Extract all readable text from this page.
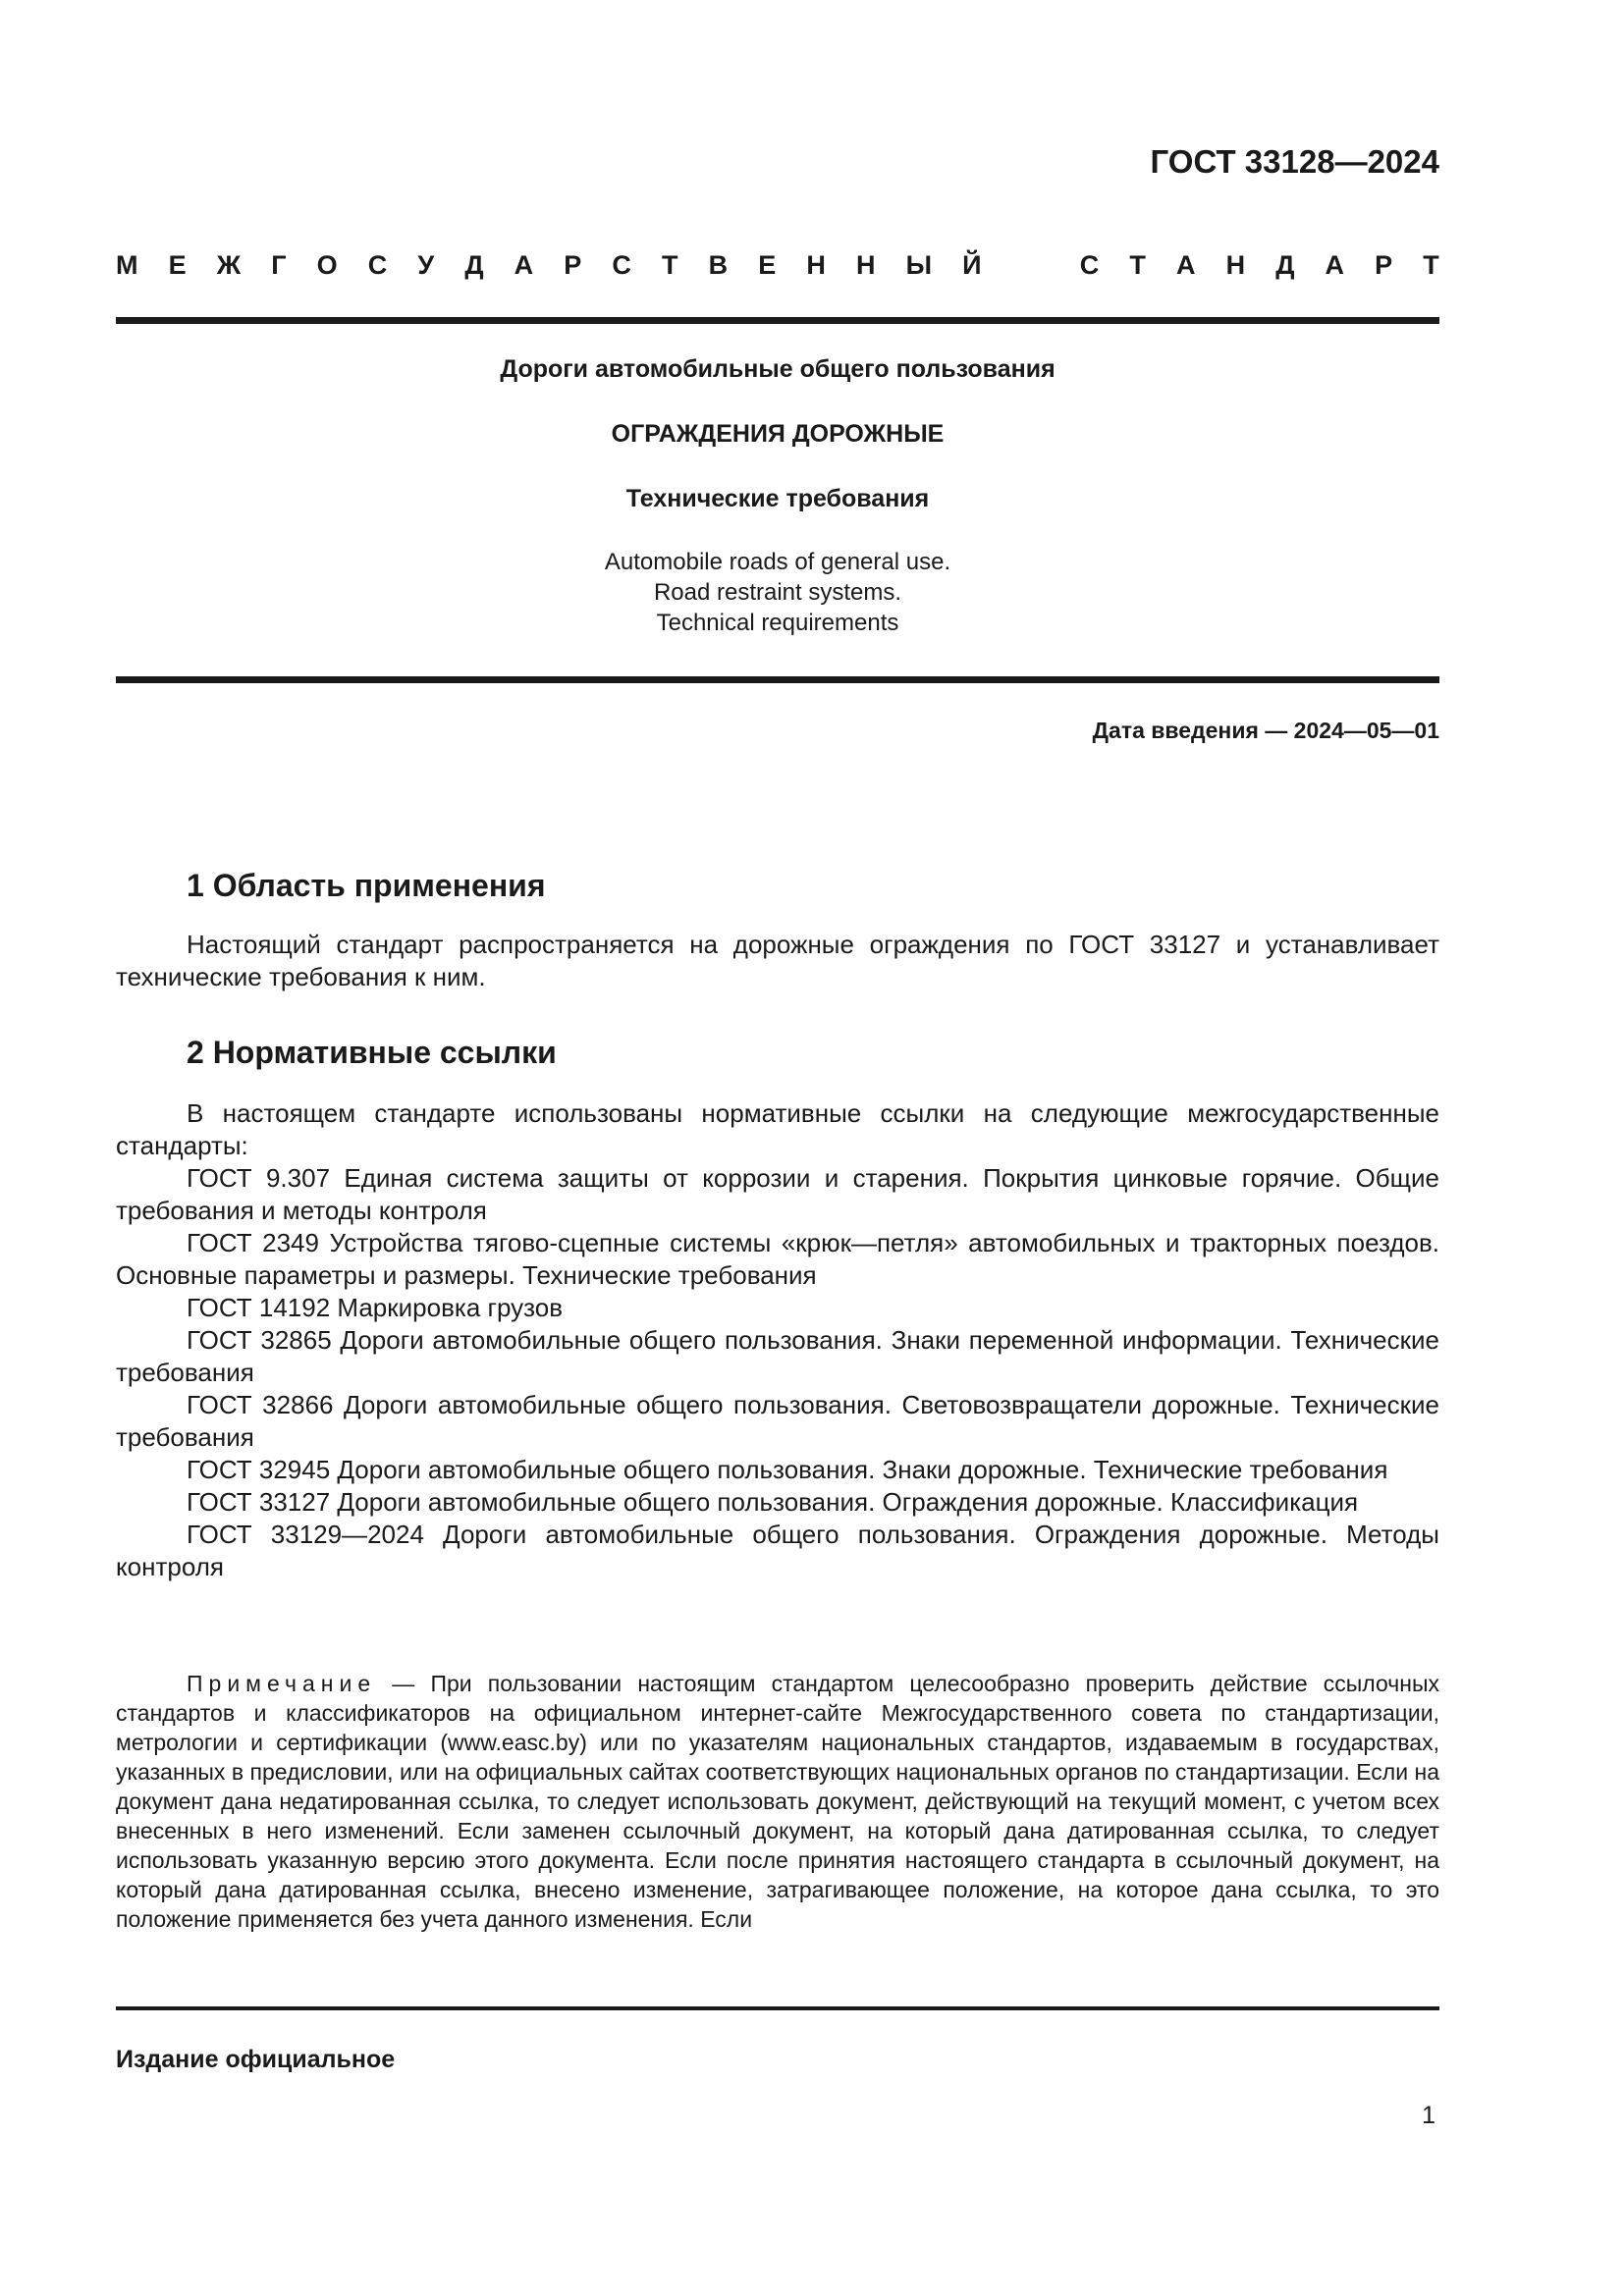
ГОСТ 33128—2024
М Е Ж Г О С У Д А Р С Т В Е Н Н Ы Й	С Т А Н Д А Р Т

Дороги автомобильные общего пользования

ОГРАЖДЕНИЯ ДОРОЖНЫЕ

Технические требования

Automobile roads of general use.
Road restraint systems.
Technical requirements
Дата введения — 2024—05—01
1 Область применения

Настоящий стандарт распространяется на дорожные ограждения по ГОСТ 33127 и устанавливает технические требования к ним.

2 Нормативные ссылки
В настоящем стандарте использованы нормативные ссылки на следующие межгосударственные стандарты:
ГОСТ 9.307 Единая система защиты от коррозии и старения. Покрытия цинковые горячие. Общие требования и методы контроля
ГОСТ 2349 Устройства тягово-сцепные системы «крюк—петля» автомобильных и тракторных поездов. Основные параметры и размеры. Технические требования
ГОСТ 14192 Маркировка грузов
ГОСТ 32865 Дороги автомобильные общего пользования. Знаки переменной информации. Технические требования
ГОСТ 32866 Дороги автомобильные общего пользования. Световозвращатели дорожные. Технические требования
ГОСТ 32945 Дороги автомобильные общего пользования. Знаки дорожные. Технические требования
ГОСТ 33127 Дороги автомобильные общего пользования. Ограждения дорожные. Классификация
ГОСТ 33129—2024 Дороги автомобильные общего пользования. Ограждения дорожные. Методы контроля

Примечание — При пользовании настоящим стандартом целесообразно проверить действие ссылочных стандартов и классификаторов на официальном интернет-сайте Межгосударственного совета по стандартизации, метрологии и сертификации (www.easc.by) или по указателям национальных стандартов, издаваемым в государствах, указанных в предисловии, или на официальных сайтах соответствующих национальных органов по стандартизации. Если на документ дана недатированная ссылка, то следует использовать документ, действующий на текущий момент, с учетом всех внесенных в него изменений. Если заменен ссылочный документ, на который дана датированная ссылка, то следует использовать указанную версию этого документа. Если после принятия настоящего стандарта в ссылочный документ, на который дана датированная ссылка, внесено изменение, затрагивающее положение, на которое дана ссылка, то это положение применяется без учета данного изменения. Если

Издание официальное

1
